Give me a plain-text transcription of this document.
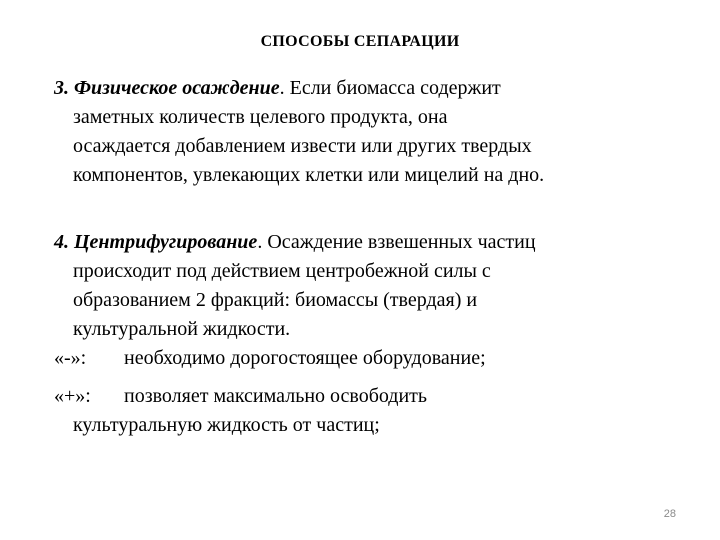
СПОСОБЫ СЕПАРАЦИИ
3. Физическое осаждение. Если биомасса содержит
заметных количеств целевого продукта, она
осаждается добавлением извести или других твердых
компонентов, увлекающих клетки или мицелий на дно.
4. Центрифугирование. Осаждение взвешенных частиц
происходит под действием центробежной силы с
образованием 2 фракций: биомассы (твердая) и
культуральной жидкости.
«-»: необходимо дорогостоящее оборудование;
«+»: позволяет максимально освободить
культуральную жидкость от частиц;
28
